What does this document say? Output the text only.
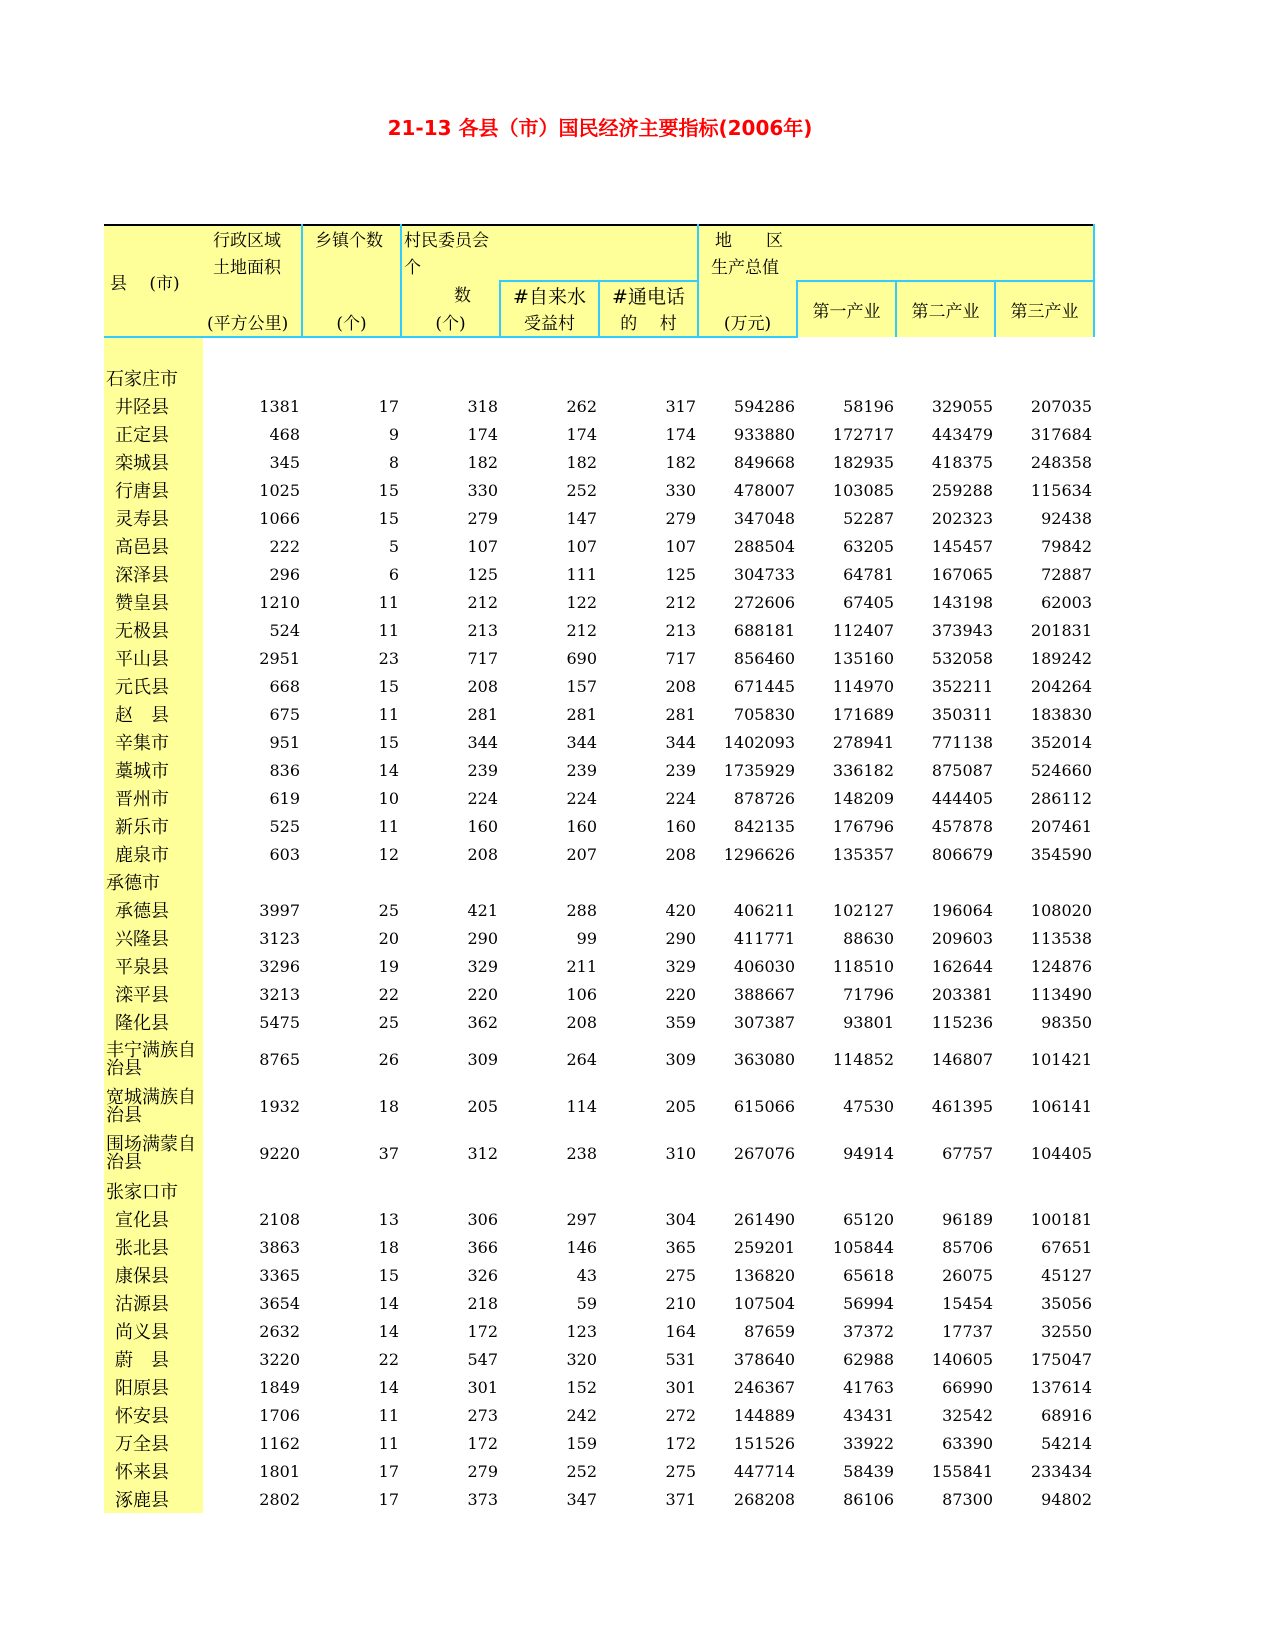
21-13 各县（市）国民经济主要指标(2006年)
	行政区域	乡镇个数	村民委员会			地　　区			
县　 (市)	土地面积		个			生产总值			
			数	#自来水	#通电话		第一产业	第二产业	第三产业
	(平方公里)	(个)	(个)	受益村	的　 村	(万元)			

石家庄市									
井陉县	1381	17	318	262	317	594286	58196	329055	207035
正定县	468	9	174	174	174	933880	172717	443479	317684
栾城县	345	8	182	182	182	849668	182935	418375	248358
行唐县	1025	15	330	252	330	478007	103085	259288	115634
灵寿县	1066	15	279	147	279	347048	52287	202323	92438
高邑县	222	5	107	107	107	288504	63205	145457	79842
深泽县	296	6	125	111	125	304733	64781	167065	72887
赞皇县	1210	11	212	122	212	272606	67405	143198	62003
无极县	524	11	213	212	213	688181	112407	373943	201831
平山县	2951	23	717	690	717	856460	135160	532058	189242
元氏县	668	15	208	157	208	671445	114970	352211	204264
赵　县	675	11	281	281	281	705830	171689	350311	183830
辛集市	951	15	344	344	344	1402093	278941	771138	352014
藁城市	836	14	239	239	239	1735929	336182	875087	524660
晋州市	619	10	224	224	224	878726	148209	444405	286112
新乐市	525	11	160	160	160	842135	176796	457878	207461
鹿泉市	603	12	208	207	208	1296626	135357	806679	354590
承德市									
承德县	3997	25	421	288	420	406211	102127	196064	108020
兴隆县	3123	20	290	99	290	411771	88630	209603	113538
平泉县	3296	19	329	211	329	406030	118510	162644	124876
滦平县	3213	22	220	106	220	388667	71796	203381	113490
隆化县	5475	25	362	208	359	307387	93801	115236	98350

丰宁满族自治县	8765	26	309	264	309	363080	114852	146807	101421

宽城满族自治县	1932	18	205	114	205	615066	47530	461395	106141

围场满蒙自治县	9220	37	312	238	310	267076	94914	67757	104405
张家口市									
宣化县	2108	13	306	297	304	261490	65120	96189	100181
张北县	3863	18	366	146	365	259201	105844	85706	67651
康保县	3365	15	326	43	275	136820	65618	26075	45127
沽源县	3654	14	218	59	210	107504	56994	15454	35056
尚义县	2632	14	172	123	164	87659	37372	17737	32550
蔚　县	3220	22	547	320	531	378640	62988	140605	175047
阳原县	1849	14	301	152	301	246367	41763	66990	137614
怀安县	1706	11	273	242	272	144889	43431	32542	68916
万全县	1162	11	172	159	172	151526	33922	63390	54214
怀来县	1801	17	279	252	275	447714	58439	155841	233434
涿鹿县	2802	17	373	347	371	268208	86106	87300	94802
